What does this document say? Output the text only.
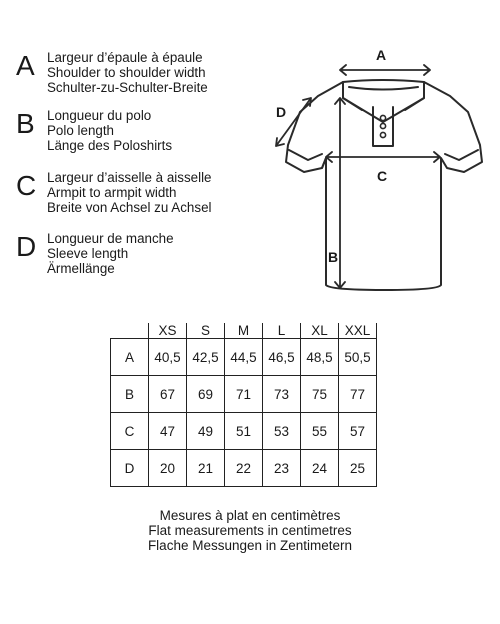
A Largeur d’épaule à épaule
Shoulder to shoulder width
Schulter-zu-Schulter-Breite
B Longueur du polo
Polo length
Länge des Poloshirts
C Largeur d’aisselle à aisselle
Armpit to armpit width
Breite von Achsel zu Achsel
D Longueur de manche
Sleeve length
Ärmellänge
A
B
C
D
	XS	S	M	L	XL	XXL
A	40,5	42,5	44,5	46,5	48,5	50,5
B	67	69	71	73	75	77
C	47	49	51	53	55	57
D	20	21	22	23	24	25
Mesures à plat en centimètres
Flat measurements in centimetres
Flache Messungen in Zentimetern
